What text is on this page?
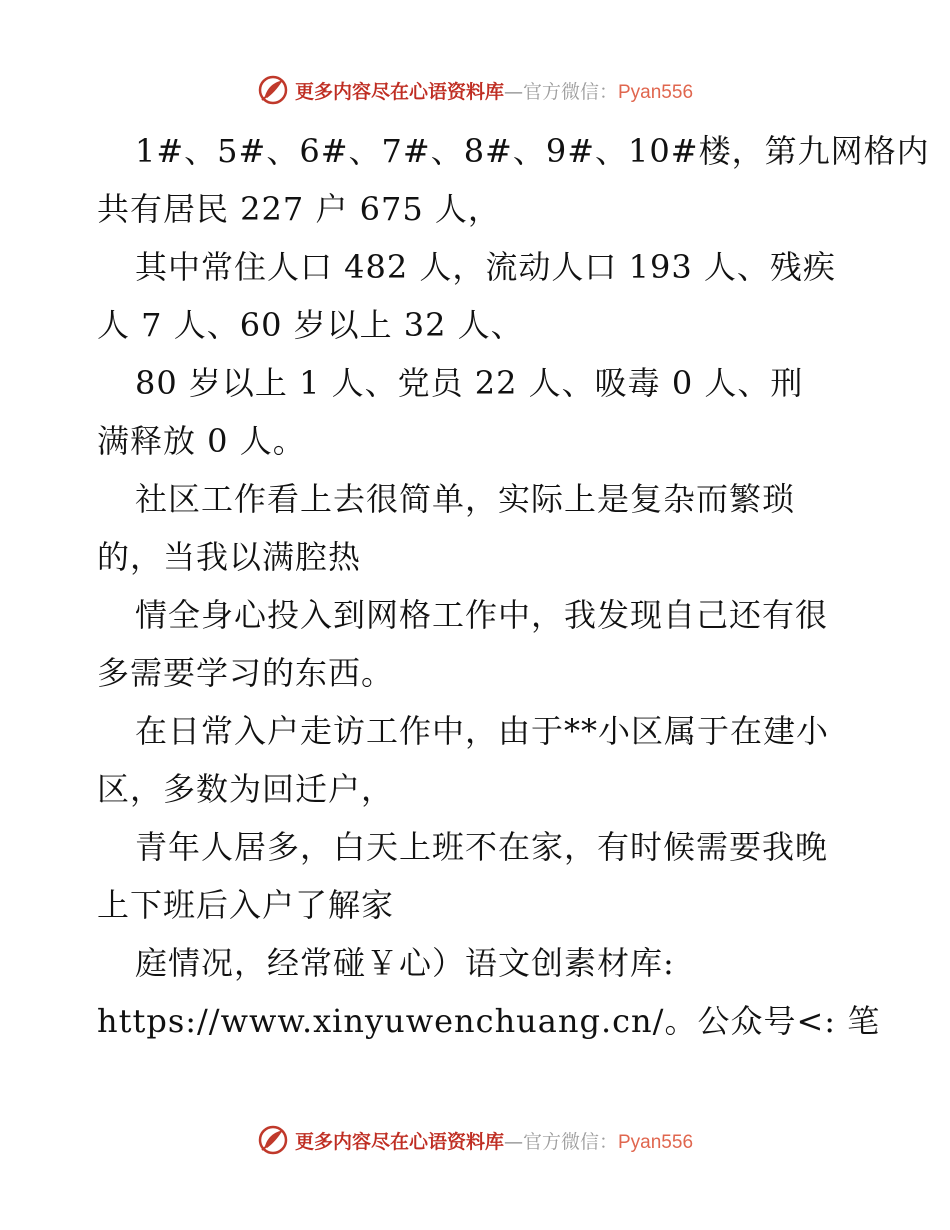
更多内容尽在心语资料库—官方微信：Pyan556
1#、5#、6#、7#、8#、9#、10#楼，第九网格内
共有居民 227 户 675 人，
其中常住人口 482 人，流动人口 193 人、残疾
人 7 人、60 岁以上 32 人、
80 岁以上 1 人、党员 22 人、吸毒 0 人、刑
满释放 0 人。
社区工作看上去很简单，实际上是复杂而繁琐
的，当我以满腔热
情全身心投入到网格工作中，我发现自己还有很
多需要学习的东西。
在日常入户走访工作中，由于**小区属于在建小
区，多数为回迁户，
青年人居多，白天上班不在家，有时候需要我晚
上下班后入户了解家
庭情况，经常碰￥心）语文创素材库:
https://www.xinyuwenchuang.cn/。公众号<: 笔
更多内容尽在心语资料库—官方微信：Pyan556
